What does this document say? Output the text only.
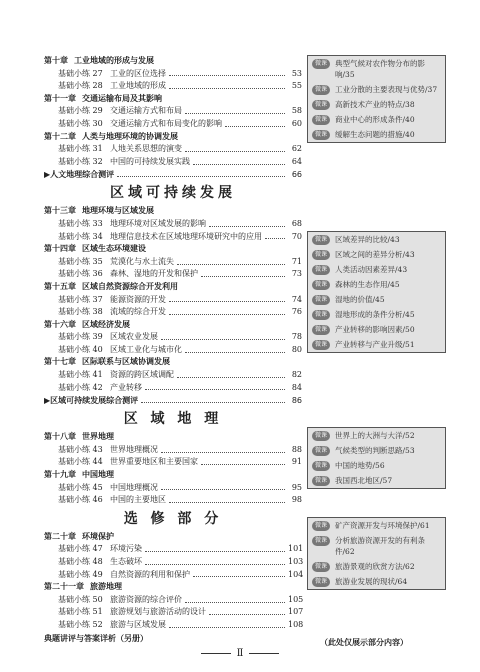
第十章 工业地域的形成与发展
基础小练 27 工业的区位选择	53
基础小练 28 工业地域的形成	55
第十一章 交通运输布局及其影响
基础小练 29 交通运输方式和布局	58
基础小练 30 交通运输方式和布局变化的影响	60
第十二章 人类与地理环境的协调发展
基础小练 31 人地关系思想的演变	62
基础小练 32 中国的可持续发展实践	64
▶人文地理综合测评	66
区域可持续发展
第十三章 地理环境与区域发展
基础小练 33 地理环境对区域发展的影响	68
基础小练 34 地理信息技术在区域地理环境研究中的应用	70
第十四章 区域生态环境建设
基础小练 35 荒漠化与水土流失	71
基础小练 36 森林、湿地的开发和保护	73
第十五章 区域自然资源综合开发利用
基础小练 37 能源资源的开发	74
基础小练 38 流域的综合开发	76
第十六章 区域经济发展
基础小练 39 区域农业发展	78
基础小练 40 区域工业化与城市化	80
第十七章 区际联系与区域协调发展
基础小练 41 资源的跨区域调配	82
基础小练 42 产业转移	84
▶区域可持续发展综合测评	86
区 域 地 理
第十八章 世界地理
基础小练 43 世界地理概况	88
基础小练 44 世界重要地区和主要国家	91
第十九章 中国地理
基础小练 45 中国地理概况	95
基础小练 46 中国的主要地区	98
选 修 部 分
第二十章 环境保护
基础小练 47 环境污染	101
基础小练 48 生态破坏	103
基础小练 49 自然资源的利用和保护	104
第二十一章 旅游地理
基础小练 50 旅游资源的综合评价	105
基础小练 51 旅游规划与旅游活动的设计	107
基础小练 52 旅游与区域发展	108
典题讲评与答案详析（另册）
微课	典型气候对农作物分布的影响/35
微课	工业分散的主要表现与优势/37
微课	高新技术产业的特点/38
微课	商业中心的形成条件/40
微课	缓解生态问题的措施/40
微课	区域差异的比较/43
微课	区域之间的差异分析/43
微课	人类活动因素差异/43
微课	森林的生态作用/45
微课	湿地的价值/45
微课	湿地形成的条件分析/45
微课	产业转移的影响因素/50
微课	产业转移与产业升级/51
微课	世界上的大洲与大洋/52
微课	气候类型的判断思路/53
微课	中国的地势/56
微课	我国西北地区/57
微课	矿产资源开发与环境保护/61
微课	分析旅游资源开发的有利条件/62
微课	旅游景观的欣赏方法/62
微课	旅游业发展的现状/64
（此处仅展示部分内容）
Ⅱ
